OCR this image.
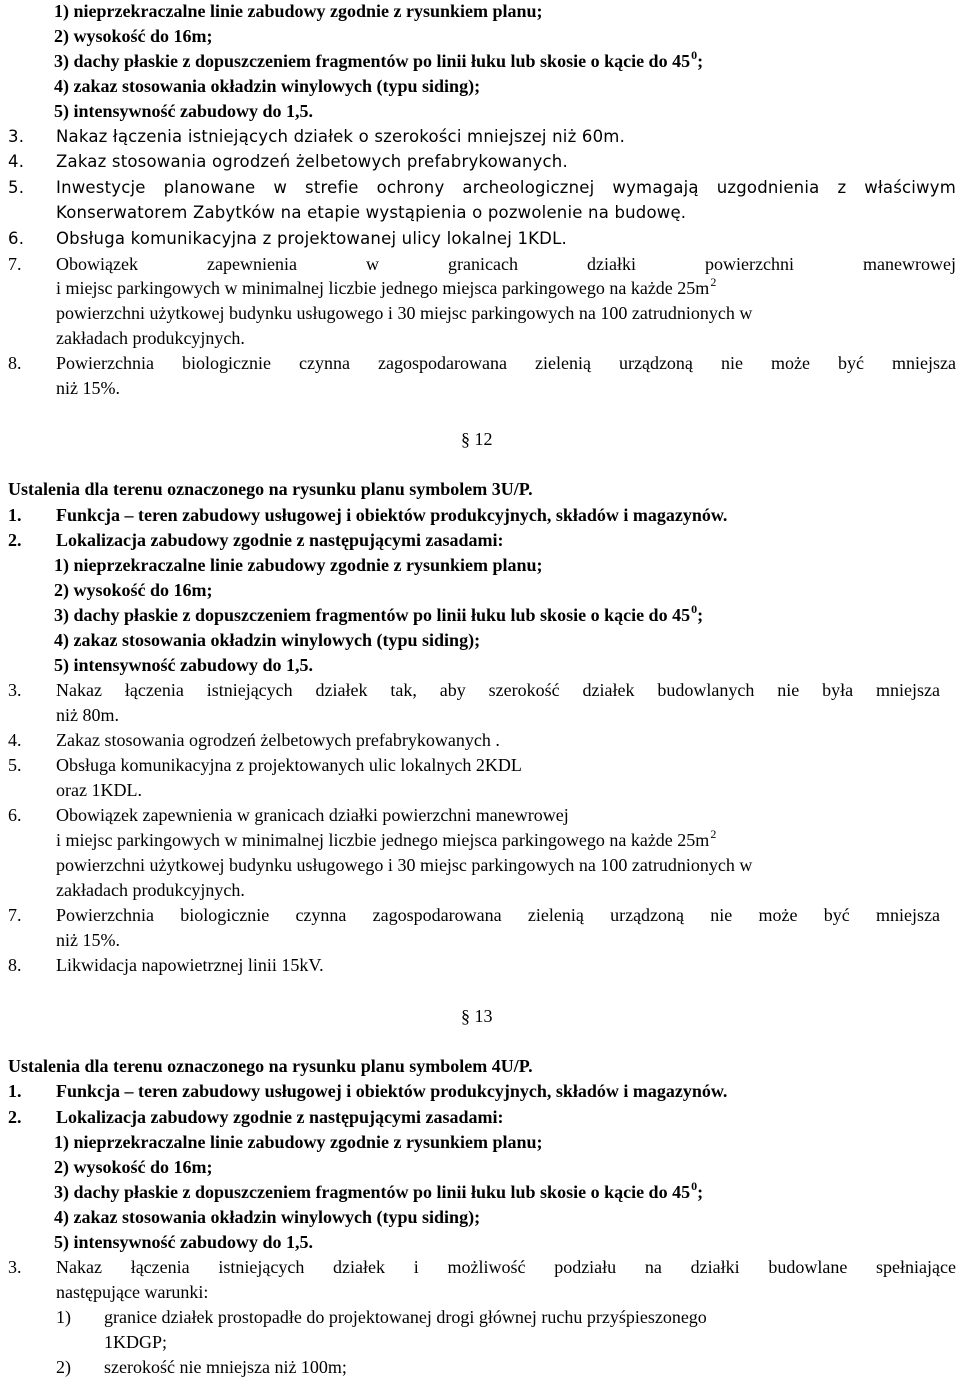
1) nieprzekraczalne linie zabudowy zgodnie z rysunkiem planu;
2) wysokość do 16m;
3) dachy płaskie z dopuszczeniem fragmentów po linii łuku lub skosie o kącie do $45^0$;
4) zakaz stosowania okładzin winylowych (typu siding);
5) intensywność zabudowy do 1,5.
3. Nakaz łączenia istniejących działek o szerokości mniejszej niż 60m.
4. Zakaz stosowania ogrodzeń żelbetowych prefabrykowanych.
5. Inwestycje planowane w strefie ochrony archeologicznej wymagają uzgodnienia z właściwym
Konserwatorem Zabytków na etapie wystąpienia o pozwolenie na budowę.
6. Obsługa komunikacyjna z projektowanej ulicy lokalnej 1KDL.
7. Obowiązek zapewnienia w granicach działki powierzchni manewrowej
i miejsc parkingowych w minimalnej liczbie jednego miejsca parkingowego na każde $25m^2$
powierzchni użytkowej budynku usługowego i 30 miejsc parkingowych na 100 zatrudnionych w
zakładach produkcyjnych.
8. Powierzchnia biologicznie czynna zagospodarowana zielenią urządzoną nie może być mniejsza
niż 15%.
§ 12
Ustalenia dla terenu oznaczonego na rysunku planu symbolem 3U/P.
1. Funkcja – teren zabudowy usługowej i obiektów produkcyjnych, składów i magazynów.
2. Lokalizacja zabudowy zgodnie z następującymi zasadami:
1) nieprzekraczalne linie zabudowy zgodnie z rysunkiem planu;
2) wysokość do 16m;
3) dachy płaskie z dopuszczeniem fragmentów po linii łuku lub skosie o kącie do $45^0$;
4) zakaz stosowania okładzin winylowych (typu siding);
5) intensywność zabudowy do 1,5.
3. Nakaz łączenia istniejących działek tak, aby szerokość działek budowlanych nie była mniejsza
niż 80m.
4. Zakaz stosowania ogrodzeń żelbetowych prefabrykowanych .
5. Obsługa komunikacyjna z projektowanych ulic lokalnych 2KDL
oraz 1KDL.
6. Obowiązek zapewnienia w granicach działki powierzchni manewrowej
i miejsc parkingowych w minimalnej liczbie jednego miejsca parkingowego na każde $25m^2$
powierzchni użytkowej budynku usługowego i 30 miejsc parkingowych na 100 zatrudnionych w
zakładach produkcyjnych.
7. Powierzchnia biologicznie czynna zagospodarowana zielenią urządzoną nie może być mniejsza
niż 15%.
8. Likwidacja napowietrznej linii 15kV.
§ 13
Ustalenia dla terenu oznaczonego na rysunku planu symbolem 4U/P.
1. Funkcja – teren zabudowy usługowej i obiektów produkcyjnych, składów i magazynów.
2. Lokalizacja zabudowy zgodnie z następującymi zasadami:
1) nieprzekraczalne linie zabudowy zgodnie z rysunkiem planu;
2) wysokość do 16m;
3) dachy płaskie z dopuszczeniem fragmentów po linii łuku lub skosie o kącie do $45^0$;
4) zakaz stosowania okładzin winylowych (typu siding);
5) intensywność zabudowy do 1,5.
3. Nakaz łączenia istniejących działek i możliwość podziału na działki budowlane spełniające
następujące warunki:
1) granice działek prostopadłe do projektowanej drogi głównej ruchu przyśpieszonego
1KDGP;
2) szerokość nie mniejsza niż 100m;
